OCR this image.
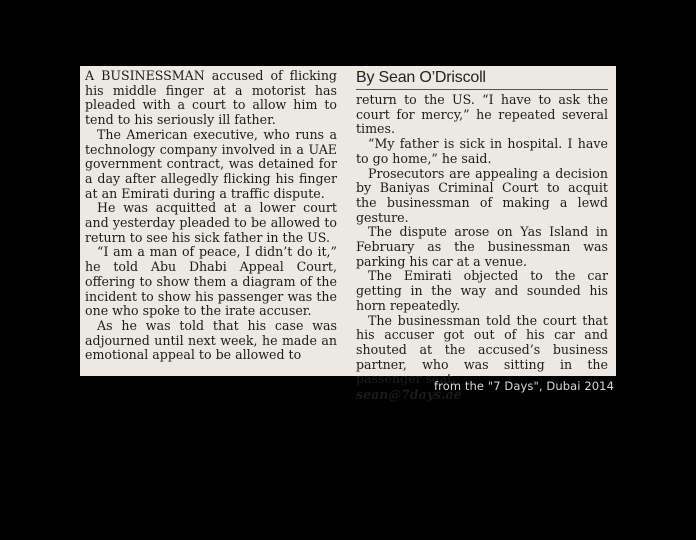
A BUSINESSMAN accused of flicking his middle finger at a motorist has pleaded with a court to allow him to tend to his seriously ill father.

The American executive, who runs a technology company involved in a UAE government contract, was detained for a day after allegedly flicking his finger at an Emirati during a traffic dispute.

He was acquitted at a lower court and yesterday pleaded to be allowed to return to see his sick father in the US.

“I am a man of peace, I didn’t do it,” he told Abu Dhabi Appeal Court, offering to show them a diagram of the incident to show his passenger was the one who spoke to the irate accuser.

As he was told that his case was adjourned until next week, he made an emotional appeal to be allowed to

By Sean O’Driscoll

return to the US. “I have to ask the court for mercy,” he repeated several times.

“My father is sick in hospital. I have to go home,” he said.

Prosecutors are appealing a decision by Baniyas Criminal Court to acquit the businessman of making a lewd gesture.

The dispute arose on Yas Island in February as the businessman was parking his car at a venue.

The Emirati objected to the car getting in the way and sounded his horn repeatedly.

The businessman told the court that his accuser got out of his car and shouted at the accused’s business partner, who was sitting in the passenger seat.

sean@7days.ae
from the "7 Days", Dubai 2014
